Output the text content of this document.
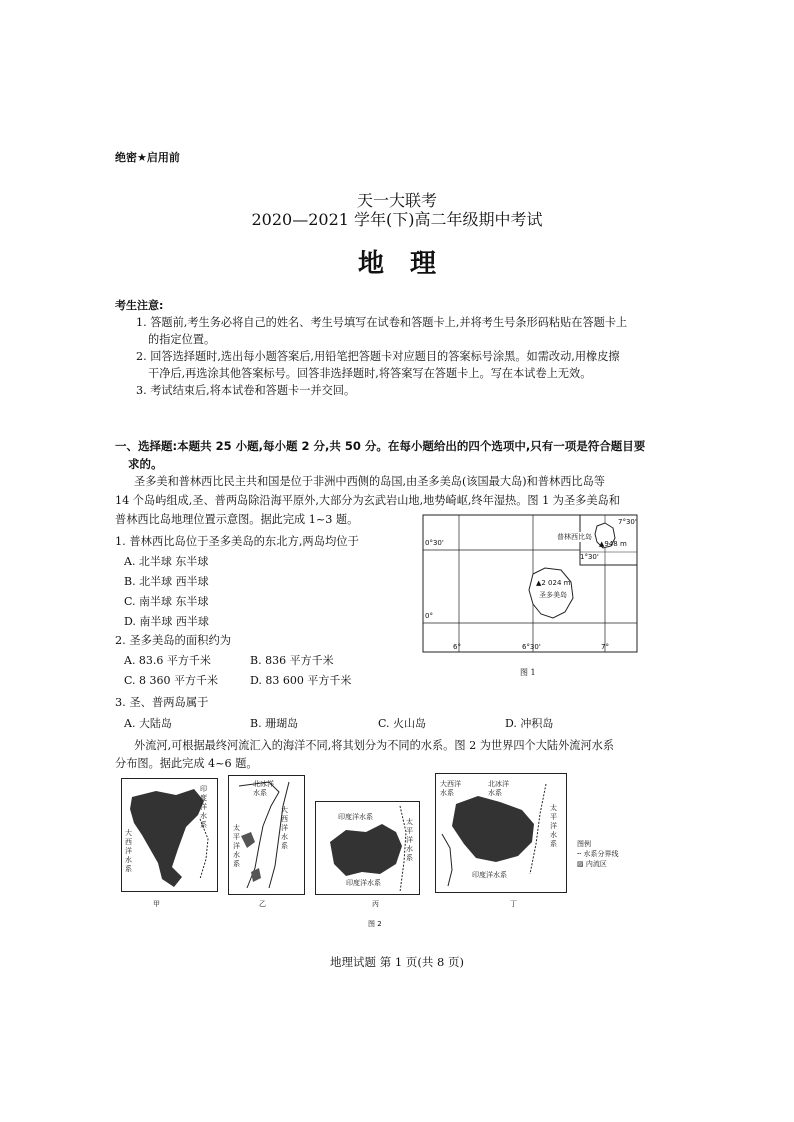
绝密★启用前
天一大联考
2020—2021 学年(下)高二年级期中考试
地理
考生注意:
1. 答题前,考生务必将自己的姓名、考生号填写在试卷和答题卡上,并将考生号条形码粘贴在答题卡上
的指定位置。
2. 回答选择题时,选出每小题答案后,用铅笔把答题卡对应题目的答案标号涂黑。如需改动,用橡皮擦
干净后,再选涂其他答案标号。回答非选择题时,将答案写在答题卡上。写在本试卷上无效。
3. 考试结束后,将本试卷和答题卡一并交回。
一、选择题:本题共 25 小题,每小题 2 分,共 50 分。在每小题给出的四个选项中,只有一项是符合题目要
求的。
圣多美和普林西比民主共和国是位于非洲中西侧的岛国,由圣多美岛(该国最大岛)和普林西比岛等
14 个岛屿组成,圣、普两岛除沿海平原外,大部分为玄武岩山地,地势崎岖,终年湿热。图 1 为圣多美岛和
普林西比岛地理位置示意图。据此完成 1~3 题。
1. 普林西比岛位于圣多美岛的东北方,两岛均位于
A. 北半球 东半球
B. 北半球 西半球
C. 南半球 东半球
D. 南半球 西半球
2. 圣多美岛的面积约为
A. 83.6 平方千米	B. 836 平方千米
C. 8 360 平方千米	D. 83 600 平方千米
3. 圣、普两岛属于
A. 大陆岛	B. 珊瑚岛	C. 火山岛	D. 冲积岛
0°30'
0°
7°30'
1°30'
普林西比岛
▲948 m
▲2 024 m
圣多美岛
6°	6°30'	7°
图 1
外流河,可根据最终河流汇入的海洋不同,将其划分为不同的水系。图 2 为世界四个大陆外流河水系
分布图。据此完成 4~6 题。
印度洋水系
大西洋水系
甲
北冰洋水系
大西洋水系
太平洋水系
乙
印度洋水系
太平洋水系
印度洋水系
丙
大西洋水系
北冰洋水系
太平洋水系
印度洋水系
丁
图例
╌ 水系分界线
▨ 内流区
图 2
地理试题 第 1 页(共 8 页)
